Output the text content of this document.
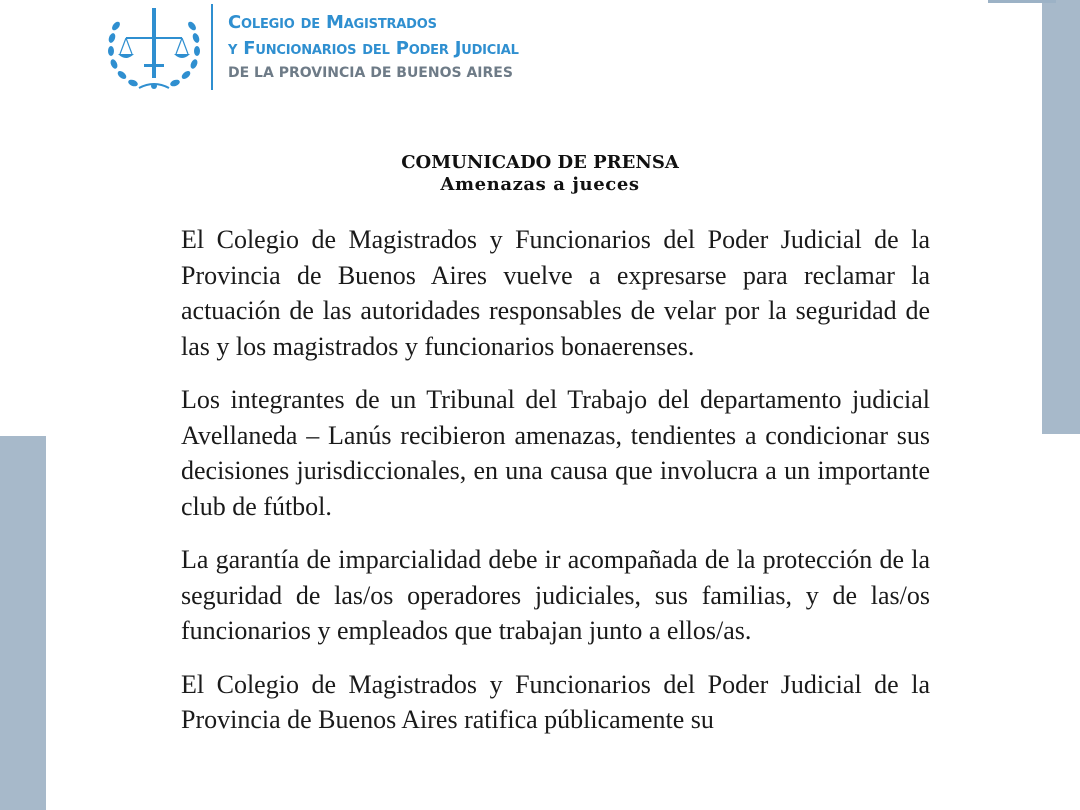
Colegio de Magistrados
y Funcionarios del Poder Judicial
DE LA PROVINCIA DE BUENOS AIRES
COMUNICADO DE PRENSA
Amenazas a jueces

El Colegio de Magistrados y Funcionarios del Poder Judicial de la Provincia de Buenos Aires vuelve a expresarse para reclamar la actuación de las autoridades responsables de velar por la seguridad de las y los magistrados y funcionarios bonaerenses.

Los integrantes de un Tribunal del Trabajo del departamento judicial Avellaneda – Lanús recibieron amenazas, tendientes a condicionar sus decisiones jurisdiccionales, en una causa que involucra a un importante club de fútbol.

La garantía de imparcialidad debe ir acompañada de la protección de la seguridad de las/os operadores judiciales, sus familias, y de las/os funcionarios y empleados que trabajan junto a ellos/as.

El Colegio de Magistrados y Funcionarios del Poder Judicial de la Provincia de Buenos Aires ratifica públicamente su
